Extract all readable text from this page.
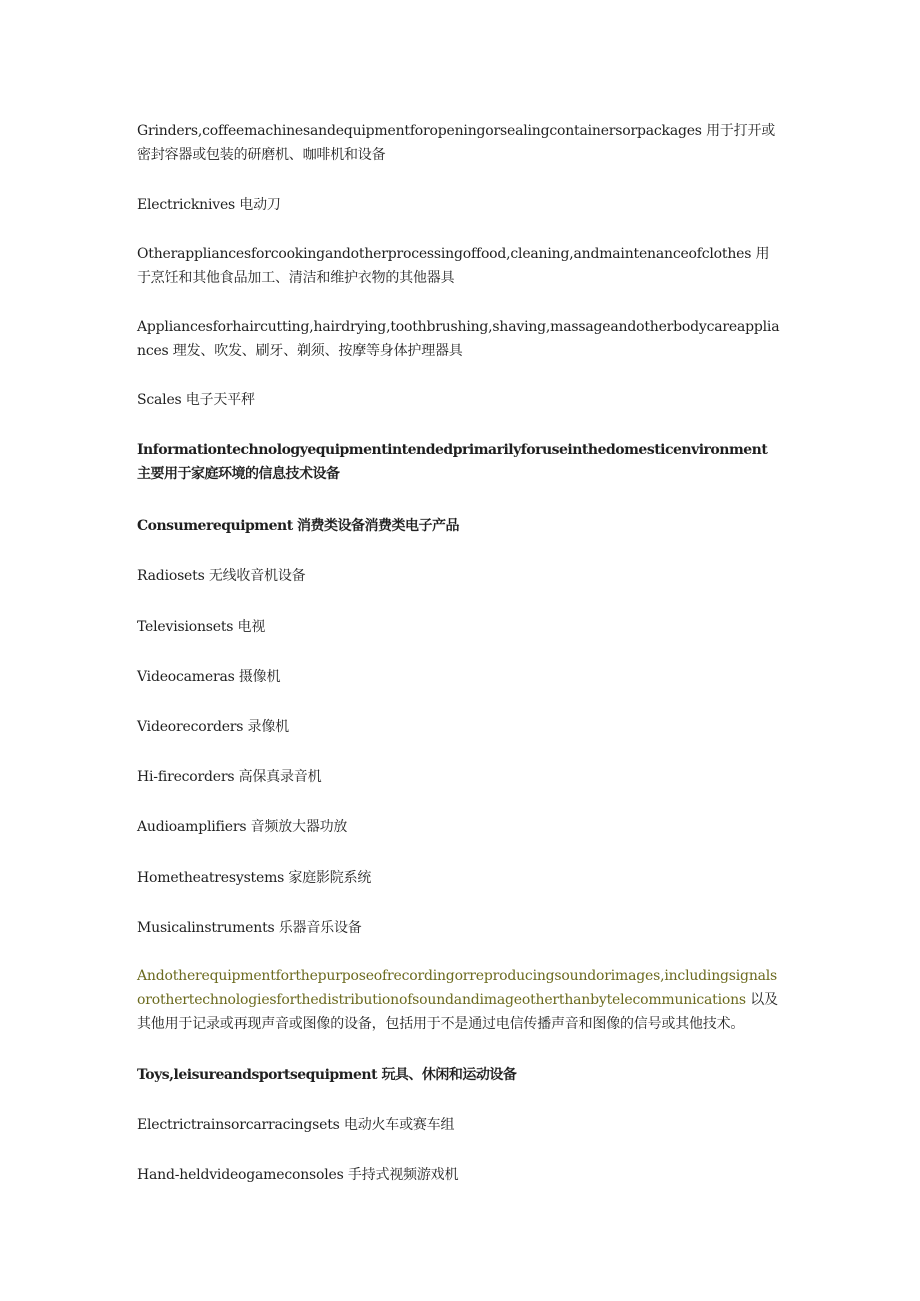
Grinders,coffeemachinesandequipmentforopeningorsealingcontainersorpackages 用于打开或密封容器或包装的研磨机、咖啡机和设备

Electricknives 电动刀

Otherappliancesforcookingandotherprocessingoffood,cleaning,andmaintenanceofclothes 用于烹饪和其他食品加工、清洁和维护衣物的其他器具

Appliancesforhaircutting,hairdrying,toothbrushing,shaving,massageandotherbodycareappliances 理发、吹发、刷牙、剃须、按摩等身体护理器具

Scales 电子天平秤

Informationtechnologyequipmentintendedprimarilyforuseinthedomesticenvironment 主要用于家庭环境的信息技术设备

Consumerequipment 消费类设备消费类电子产品

Radiosets 无线收音机设备

Televisionsets 电视

Videocameras 摄像机

Videorecorders 录像机

Hi-firecorders 高保真录音机

Audioamplifiers 音频放大器功放

Hometheatresystems 家庭影院系统

Musicalinstruments 乐器音乐设备

Andotherequipmentforthepurposeofrecordingorreproducingsoundorimages,includingsignalsorothertechnologiesforthedistributionofsoundandimageotherthanbytelecommunications 以及其他用于记录或再现声音或图像的设备，包括用于不是通过电信传播声音和图像的信号或其他技术。

Toys,leisureandsportsequipment 玩具、休闲和运动设备

Electrictrainsorcarracingsets 电动火车或赛车组

Hand-heldvideogameconsoles 手持式视频游戏机
